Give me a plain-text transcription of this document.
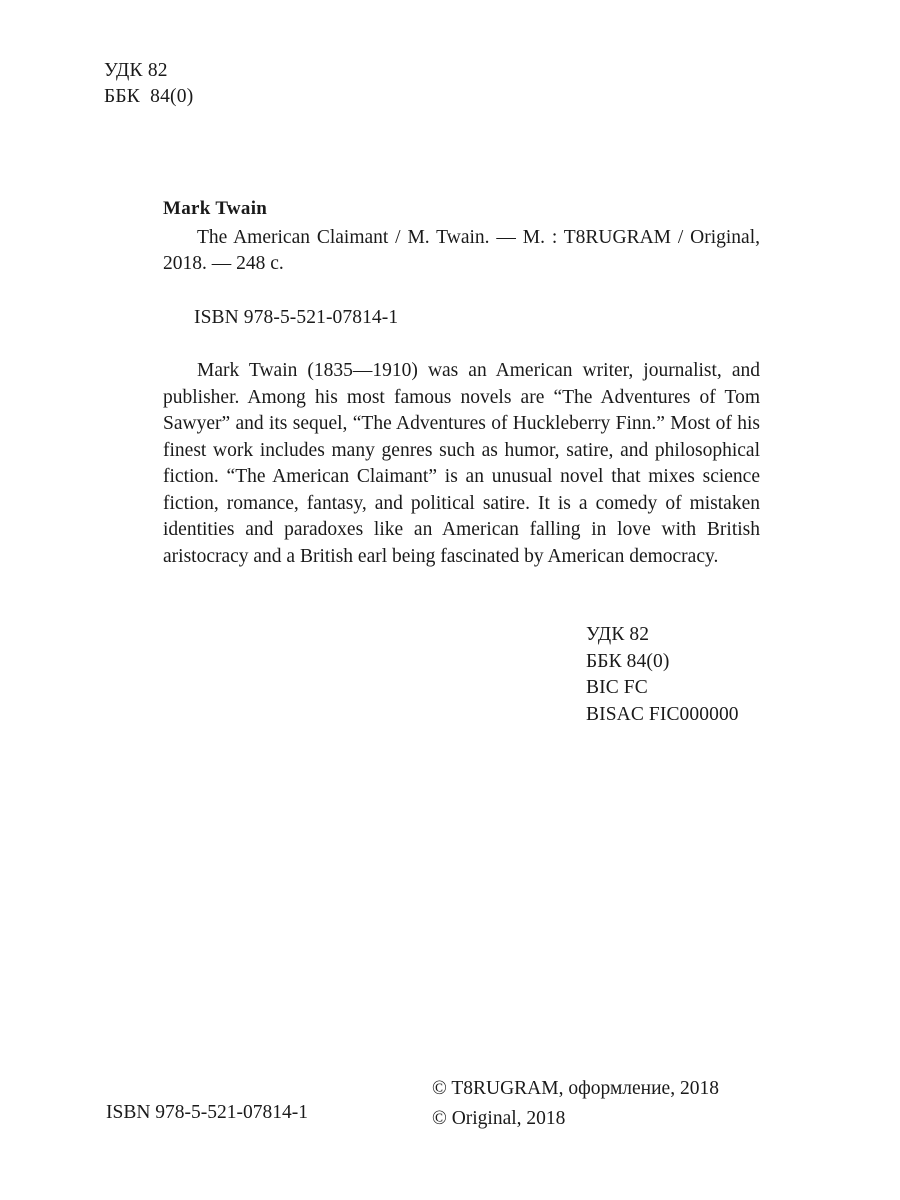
УДК 82
ББК  84(0)

Mark Twain

The American Claimant / M. Twain. — M. : T8RUGRAM / Original, 2018. — 248 c.

ISBN 978-5-521-07814-1

Mark Twain (1835—1910) was an American writer, journalist, and publisher. Among his most famous novels are “The Adventures of Tom Sawyer” and its sequel, “The Adventures of Huckleberry Finn.” Most of his finest work includes many genres such as humor, satire, and philosophical fiction. “The American Claimant” is an unusual novel that mixes science fiction, romance, fantasy, and political satire. It is a comedy of mistaken identities and paradoxes like an American falling in love with British aristocracy and a British earl being fascinated by American democracy.

УДК 82
ББК 84(0)
BIC FC
BISAC FIC000000
ISBN 978-5-521-07814-1
© T8RUGRAM, оформление, 2018
© Original, 2018
